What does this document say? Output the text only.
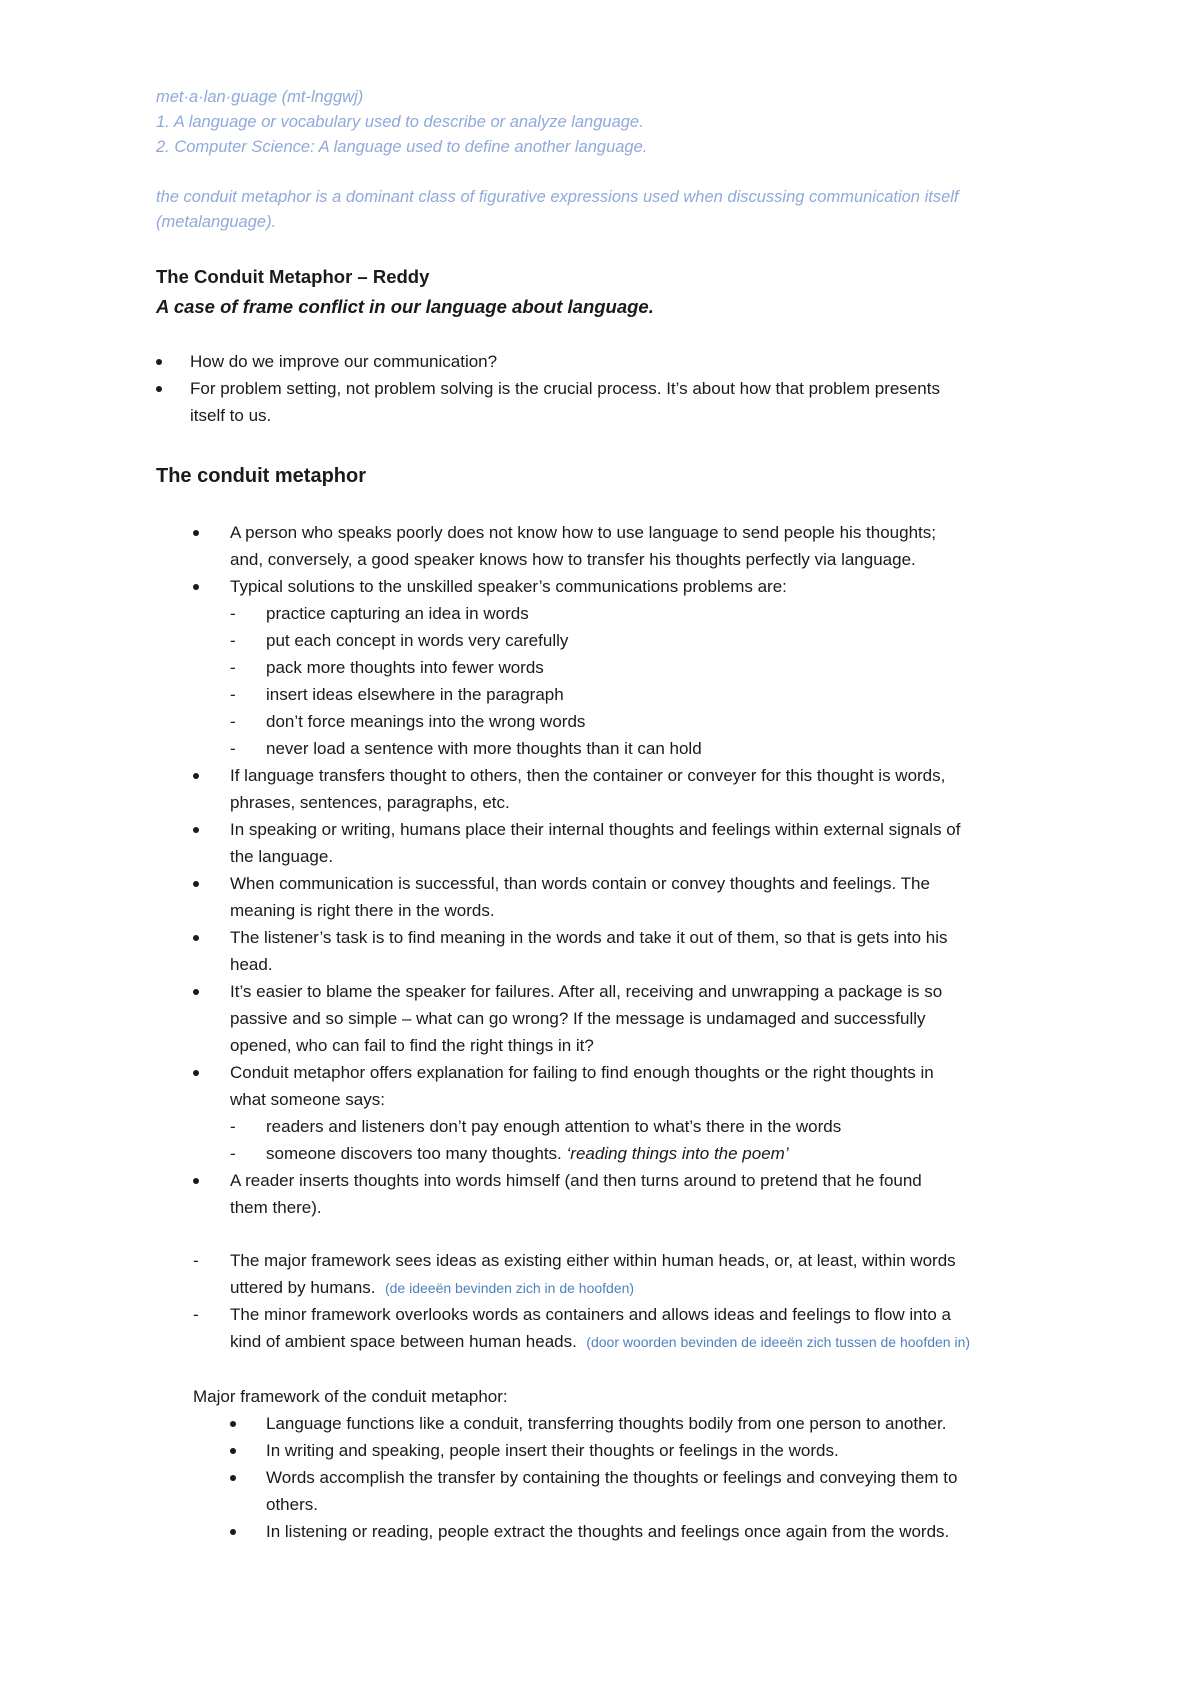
met·a·lan·guage (mt-lnggwj)
1. A language or vocabulary used to describe or analyze language.
2. Computer Science: A language used to define another language.
the conduit metaphor is a dominant class of figurative expressions used when discussing communication itself
(metalanguage).
The Conduit Metaphor – Reddy
A case of frame conflict in our language about language.
How do we improve our communication?
For problem setting, not problem solving is the crucial process. It’s about how that problem presents
itself to us.
The conduit metaphor
A person who speaks poorly does not know how to use language to send people his thoughts;
and, conversely, a good speaker knows how to transfer his thoughts perfectly via language.
Typical solutions to the unskilled speaker’s communications problems are:
- practice capturing an idea in words
- put each concept in words very carefully
- pack more thoughts into fewer words
- insert ideas elsewhere in the paragraph
- don’t force meanings into the wrong words
- never load a sentence with more thoughts than it can hold
If language transfers thought to others, then the container or conveyer for this thought is words,
phrases, sentences, paragraphs, etc.
In speaking or writing, humans place their internal thoughts and feelings within external signals of
the language.
When communication is successful, than words contain or convey thoughts and feelings. The
meaning is right there in the words.
The listener’s task is to find meaning in the words and take it out of them, so that is gets into his
head.
It’s easier to blame the speaker for failures. After all, receiving and unwrapping a package is so
passive and so simple – what can go wrong? If the message is undamaged and successfully
opened, who can fail to find the right things in it?
Conduit metaphor offers explanation for failing to find enough thoughts or the right thoughts in
what someone says:
- readers and listeners don’t pay enough attention to what’s there in the words
- someone discovers too many thoughts. ‘reading things into the poem’
A reader inserts thoughts into words himself (and then turns around to pretend that he found
them there).
- The major framework sees ideas as existing either within human heads, or, at least, within words
uttered by humans. (de ideeën bevinden zich in de hoofden)
- The minor framework overlooks words as containers and allows ideas and feelings to flow into a
kind of ambient space between human heads. (door woorden bevinden de ideeën zich tussen de hoofden in)
Major framework of the conduit metaphor:
Language functions like a conduit, transferring thoughts bodily from one person to another.
In writing and speaking, people insert their thoughts or feelings in the words.
Words accomplish the transfer by containing the thoughts or feelings and conveying them to
others.
In listening or reading, people extract the thoughts and feelings once again from the words.
